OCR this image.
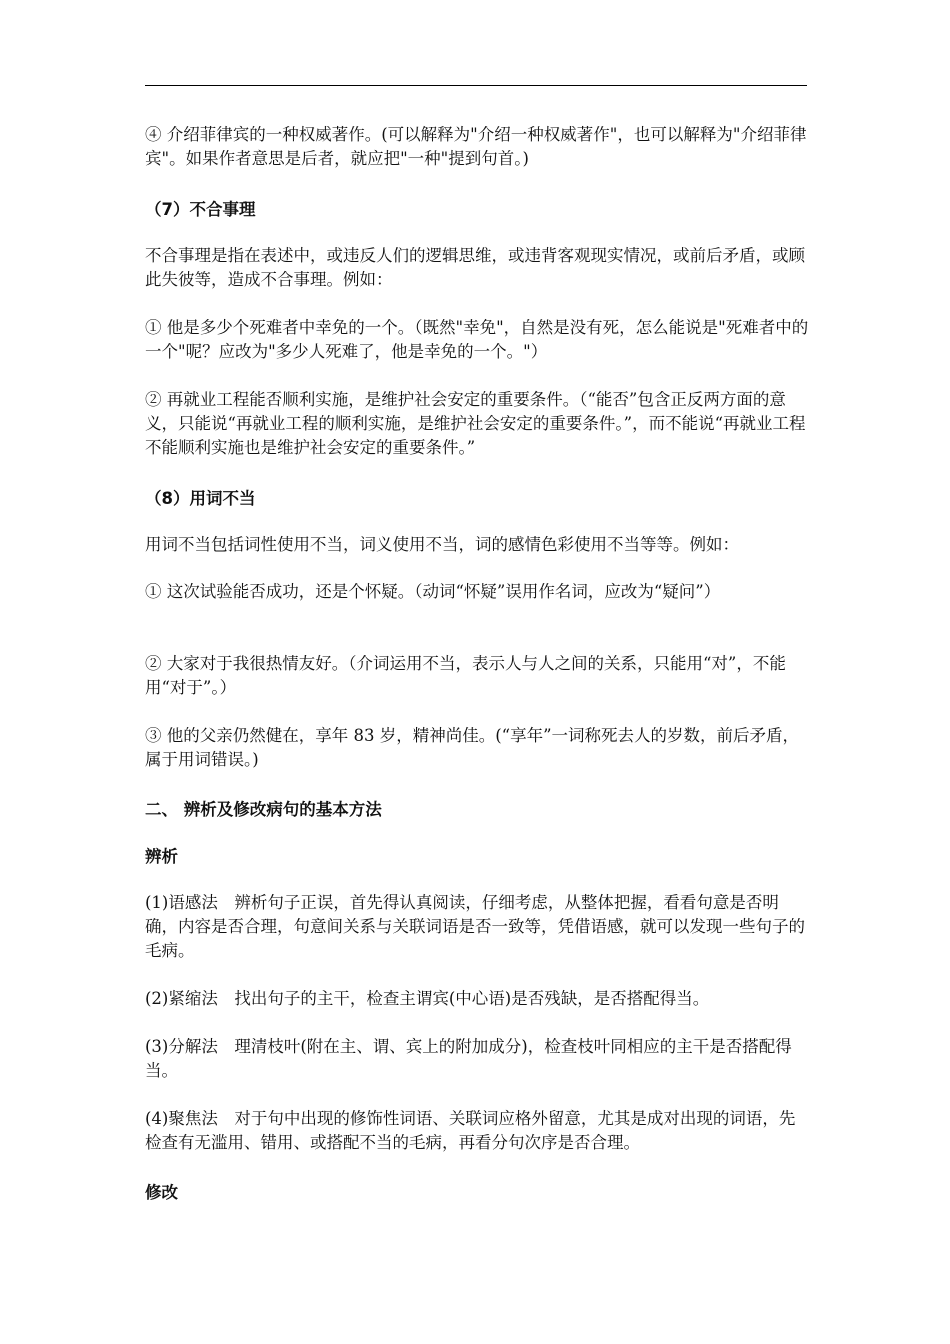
④ 介绍菲律宾的一种权威著作。(可以解释为"介绍一种权威著作"，也可以解释为"介绍菲律宾"。如果作者意思是后者，就应把"一种"提到句首。)

（7）不合事理

不合事理是指在表述中，或违反人们的逻辑思维，或违背客观现实情况，或前后矛盾，或顾此失彼等，造成不合事理。例如：

① 他是多少个死难者中幸免的一个。（既然"幸免"，自然是没有死，怎么能说是"死难者中的一个"呢？应改为"多少人死难了，他是幸免的一个。"）

② 再就业工程能否顺利实施，是维护社会安定的重要条件。（“能否”包含正反两方面的意义，只能说“再就业工程的顺利实施，是维护社会安定的重要条件。”，而不能说“再就业工程不能顺利实施也是维护社会安定的重要条件。”

（8）用词不当

用词不当包括词性使用不当，词义使用不当，词的感情色彩使用不当等等。例如：

① 这次试验能否成功，还是个怀疑。（动词“怀疑”误用作名词，应改为“疑问”）

② 大家对于我很热情友好。（介词运用不当，表示人与人之间的关系，只能用“对”，不能用“对于”。）

③ 他的父亲仍然健在，享年 83 岁，精神尚佳。(“享年”一词称死去人的岁数，前后矛盾，属于用词错误。)

二、 辨析及修改病句的基本方法

辨析

(1)语感法　辨析句子正误，首先得认真阅读，仔细考虑，从整体把握，看看句意是否明确，内容是否合理，句意间关系与关联词语是否一致等，凭借语感，就可以发现一些句子的毛病。

(2)紧缩法　找出句子的主干，检查主谓宾(中心语)是否残缺，是否搭配得当。

(3)分解法　理清枝叶(附在主、谓、宾上的附加成分)，检查枝叶同相应的主干是否搭配得当。

(4)聚焦法　对于句中出现的修饰性词语、关联词应格外留意，尤其是成对出现的词语，先检查有无滥用、错用、或搭配不当的毛病，再看分句次序是否合理。

修改
